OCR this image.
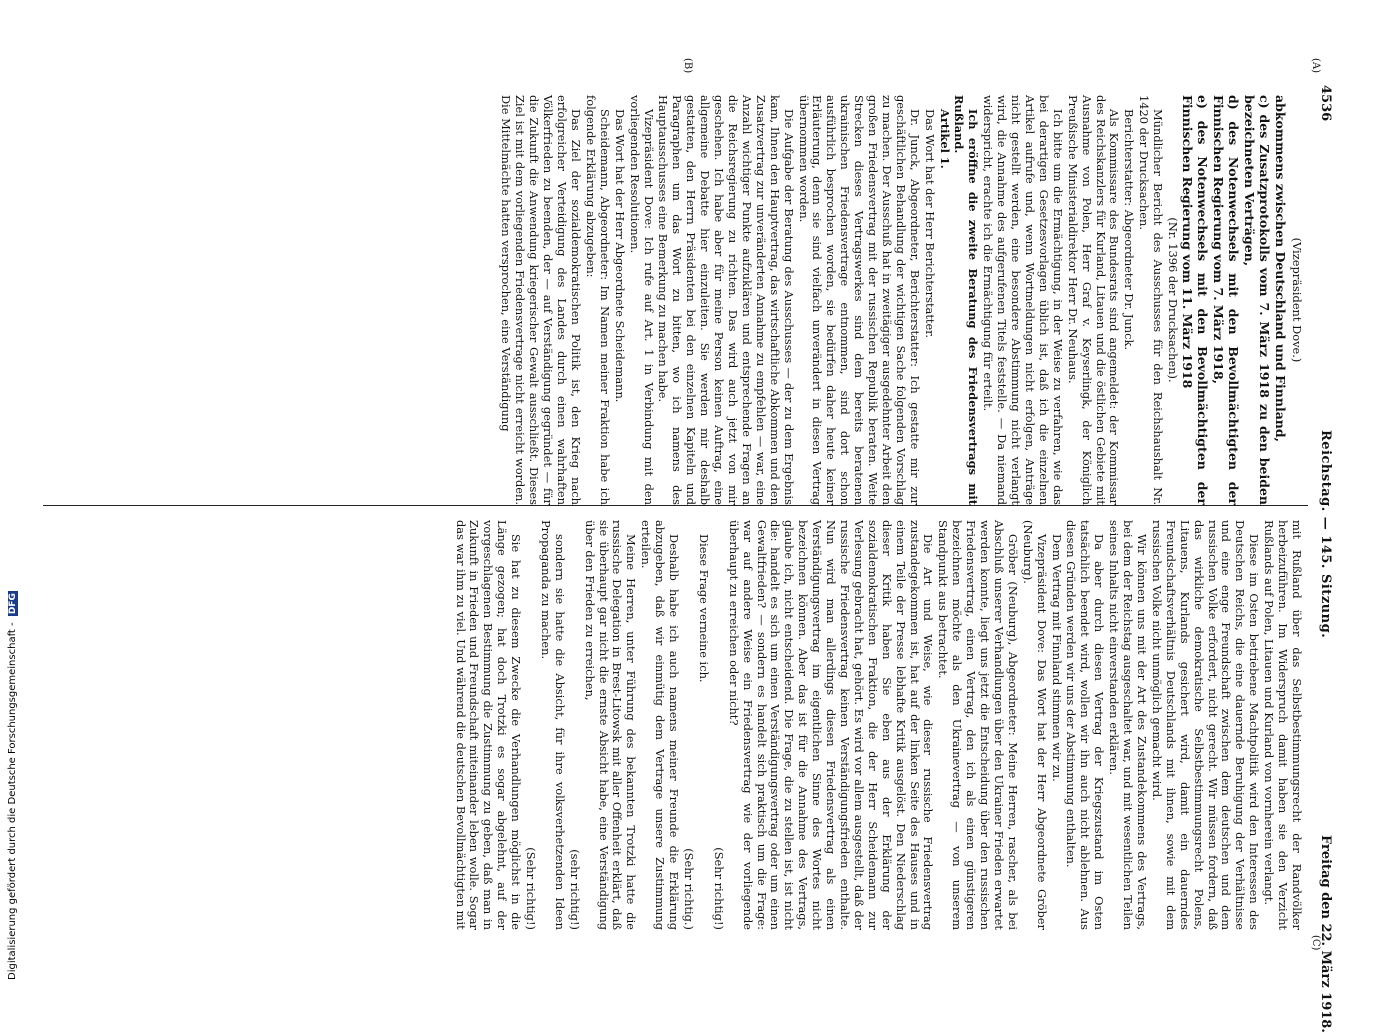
4536
Reichstag. — 145. Sitzung.
Freitag den 22. März 1918.
(A)
(B)
(C)

(Vizepräsident Dove.)

abkommens zwischen Deutschland und Finnland,

c) des Zusatzprotokolls vom 7. März 1918 zu den beiden bezeichneten Verträgen,

d) des Notenwechsels mit den Bevollmächtigten der Finnischen Regierung vom 7. März 1918,

e) des Notenwechsels mit den Bevollmächtigten der Finnischen Regierung vom 11. März 1918

(Nr. 1396 der Drucksachen).

Mündlicher Bericht des Ausschusses für den Reichshaushalt Nr. 1420 der Drucksachen.

Berichterstatter: Abgeordneter Dr. Junck.

Als Kommissare des Bundesrats sind angemeldet: der Kommissar des Reichskanzlers für Kurland, Litauen und die östlichen Gebiete mit Ausnahme von Polen, Herr Graf v. Keyserlingk, der Königlich Preußische Ministerialdirektor Herr Dr. Neuhaus.

Ich bitte um die Ermächtigung, in der Weise zu verfahren, wie das bei derartigen Gesetzesvorlagen üblich ist, daß ich die einzelnen Artikel aufrufe und, wenn Wortmeldungen nicht erfolgen, Anträge nicht gestellt werden, eine besondere Abstimmung nicht verlangt wird, die Annahme des aufgerufenen Titels feststelle. — Da niemand widerspricht, erachte ich die Ermächtigung für erteilt.

Ich eröffne die zweite Beratung des Friedensvertrags mit Rußland.

Artikel 1.

Das Wort hat der Herr Berichterstatter.

Dr. Junck, Abgeordneter, Berichterstatter: Ich gestatte mir zur geschäftlichen Behandlung der wichtigen Sache folgenden Vorschlag zu machen. Der Ausschuß hat in zweitägiger ausgedehnter Arbeit den großen Friedensvertrag mit der russischen Republik beraten. Weite Strecken dieses Vertragswerkes sind dem bereits beratenen ukrainischen Friedensvertrage entnommen, sind dort schon ausführlich besprochen worden, sie bedürfen daher heute keiner Erläuterung, denn sie sind vielfach unverändert in diesen Vertrag übernommen worden.

Die Aufgabe der Beratung des Ausschusses — der zu dem Ergebnis kam, Ihnen den Hauptvertrag, das wirtschaftliche Abkommen und den Zusatzvertrag zur unveränderten Annahme zu empfehlen — war, eine Anzahl wichtiger Punkte aufzuklären und entsprechende Fragen an die Reichsregierung zu richten. Das wird auch jetzt von mir geschehen. Ich habe aber für meine Person keinen Auftrag, eine allgemeine Debatte hier einzuleiten. Sie werden mir deshalb gestatten, den Herrn Präsidenten bei den einzelnen Kapiteln und Paragraphen um das Wort zu bitten, wo ich namens des Hauptausschusses eine Bemerkung zu machen habe.

Vizepräsident Dove: Ich rufe auf Art. 1 in Verbindung mit den vorliegenden Resolutionen.

Das Wort hat der Herr Abgeordnete Scheidemann.

Scheidemann, Abgeordneter: Im Namen meiner Fraktion habe ich folgende Erklärung abzugeben:

Das Ziel der sozialdemokratischen Politik ist, den Krieg nach erfolgreicher Verteidigung des Landes durch einen wahrhaften Völkerfrieden zu beenden, der — auf Verständigung gegründet — für die Zukunft die Anwendung kriegerischer Gewalt ausschließt. Dieses Ziel ist mit dem vorliegenden Friedensvertrage nicht erreicht worden. Die Mittelmächte hatten versprochen, eine Verständigung

mit Rußland über das Selbstbestimmungsrecht der Randvölker herbeizuführen. Im Widerspruch damit haben sie den Verzicht Rußlands auf Polen, Litauen und Kurland von vornherein verlangt.

Diese im Osten betriebene Machtpolitik wird den Interessen des Deutschen Reichs, die eine dauernde Beruhigung der Verhältnisse und eine enge Freundschaft zwischen dem deutschen und dem russischen Volke erfordert, nicht gerecht. Wir müssen fordern, daß das wirkliche demokratische Selbstbestimmungsrecht Polens, Litauens, Kurlands gesichert wird, damit ein dauerndes Freundschaftsverhältnis Deutschlands mit ihnen, sowie mit dem russischen Volke nicht unmöglich gemacht wird.

Wir können uns mit der Art des Zustandekommens des Vertrags, bei dem der Reichstag ausgeschaltet war, und mit wesentlichen Teilen seines Inhalts nicht einverstanden erklären.

Da aber durch diesen Vertrag der Kriegszustand im Osten tatsächlich beendet wird, wollen wir ihn auch nicht ablehnen. Aus diesen Gründen werden wir uns der Abstimmung enthalten.

Dem Vertrag mit Finnland stimmen wir zu.

Vizepräsident Dove: Das Wort hat der Herr Abgeordnete Gröber (Neuburg).

Gröber (Neuburg), Abgeordneter: Meine Herren, rascher, als bei Abschluß unserer Verhandlungen über den Ukrainer Frieden erwartet werden konnte, liegt uns jetzt die Entscheidung über den russischen Friedensvertrag, einen Vertrag, den ich als einen günstigeren bezeichnen möchte als den Ukrainevertrag — von unserem Standpunkt aus betrachtet.

Die Art und Weise, wie dieser russische Friedensvertrag zustandegekommen ist, hat auf der linken Seite des Hauses und in einem Teile der Presse lebhafte Kritik ausgelöst. Den Niederschlag dieser Kritik haben Sie eben aus der Erklärung der sozialdemokratischen Fraktion, die der Herr Scheidemann zur Verlesung gebracht hat, gehört. Es wird vor allem ausgestellt, daß der russische Friedensvertrag keinen Verständigungsfrieden enthalte. Nun wird man allerdings diesen Friedensvertrag als einen Verständigungsvertrag im eigentlichen Sinne des Wortes nicht bezeichnen können. Aber das ist für die Annahme des Vertrags, glaube ich, nicht entscheidend. Die Frage, die zu stellen ist, ist nicht die: handelt es sich um einen Verständigungsvertrag oder um einen Gewaltfrieden? — sondern es handelt sich praktisch um die Frage: war auf andere Weise ein Friedensvertrag wie der vorliegende überhaupt zu erreichen oder nicht?

(Sehr richtig!)

Diese Frage verneine ich.

(Sehr richtig.)

Deshalb habe ich auch namens meiner Freunde die Erklärung abzugeben, daß wir einmütig dem Vertrage unsere Zustimmung erteilen.

Meine Herren, unter Führung des bekannten Trotzki hatte die russische Delegation in Brest-Litowsk mit aller Offenheit erklärt, daß sie überhaupt gar nicht die ernste Absicht habe, eine Verständigung über den Frieden zu erreichen,

(sehr richtig!)

sondern sie hatte die Absicht, für ihre volksverhetzenden Ideen Propaganda zu machen.

(Sehr richtig!)

Sie hat zu diesem Zwecke die Verhandlungen möglichst in die Länge gezogen; hat doch Trotzki es sogar abgelehnt, auf der vorgeschlagenen Bestimmung die Zustimmung zu geben, daß man in Zukunft in Frieden und Freundschaft miteinander leben wolle. Sogar das war ihm zu viel. Und während die deutschen Bevollmächtigten mit

Digitalisierung gefördert durch die Deutsche Forschungsgemeinschaft - DFG
